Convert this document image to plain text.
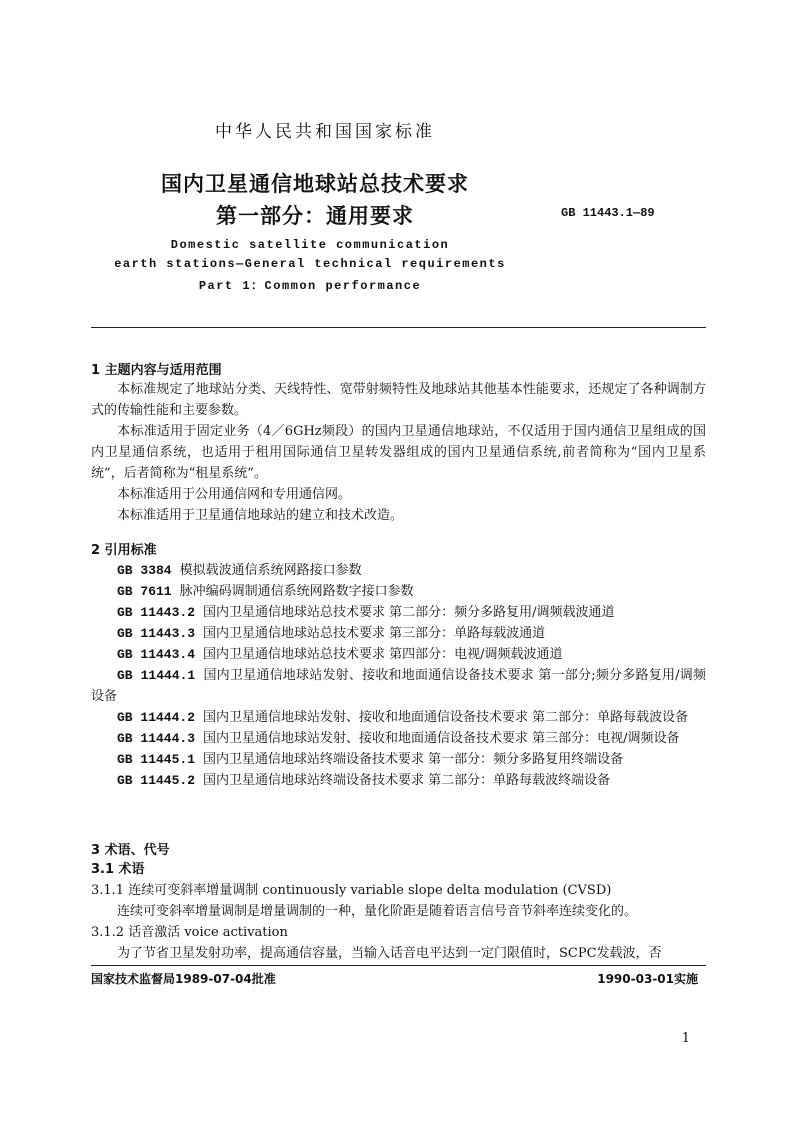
中华人民共和国国家标准
国内卫星通信地球站总技术要求
第一部分：通用要求	GB 11443.1—89
Domestic satellite communication
earth stations—General technical requirements
Part 1：Common performance
1 主题内容与适用范围
本标准规定了地球站分类、天线特性、宽带射频特性及地球站其他基本性能要求，还规定了各种调制方式的传输性能和主要参数。
本标准适用于固定业务（4／6GHz频段）的国内卫星通信地球站，不仅适用于国内通信卫星组成的国内卫星通信系统，也适用于租用国际通信卫星转发器组成的国内卫星通信系统,前者简称为“国内卫星系统”，后者简称为“租星系统”。
本标准适用于公用通信网和专用通信网。
本标准适用于卫星通信地球站的建立和技术改造。
2 引用标准
GB 3384 模拟载波通信系统网路接口参数
GB 7611 脉冲编码调制通信系统网路数字接口参数
GB 11443.2 国内卫星通信地球站总技术要求 第二部分：频分多路复用/调频载波通道
GB 11443.3 国内卫星通信地球站总技术要求 第三部分：单路每载波通道
GB 11443.4 国内卫星通信地球站总技术要求 第四部分：电视/调频载波通道
GB 11444.1 国内卫星通信地球站发射、接收和地面通信设备技术要求 第一部分;频分多路复用/调频设备
GB 11444.2 国内卫星通信地球站发射、接收和地面通信设备技术要求 第二部分：单路每载波设备
GB 11444.3 国内卫星通信地球站发射、接收和地面通信设备技术要求 第三部分：电视/调频设备
GB 11445.1 国内卫星通信地球站终端设备技术要求 第一部分：频分多路复用终端设备
GB 11445.2 国内卫星通信地球站终端设备技术要求 第二部分：单路每载波终端设备
3 术语、代号
3.1 术语
3.1.1 连续可变斜率增量调制 continuously variable slope delta modulation (CVSD)
连续可变斜率增量调制是增量调制的一种，量化阶距是随着语言信号音节斜率连续变化的。
3.1.2 话音激活 voice activation
为了节省卫星发射功率，提高通信容量，当输入话音电平达到一定门限值时，SCPC发载波，否
国家技术监督局1989-07-04批准	1990-03-01实施
1
